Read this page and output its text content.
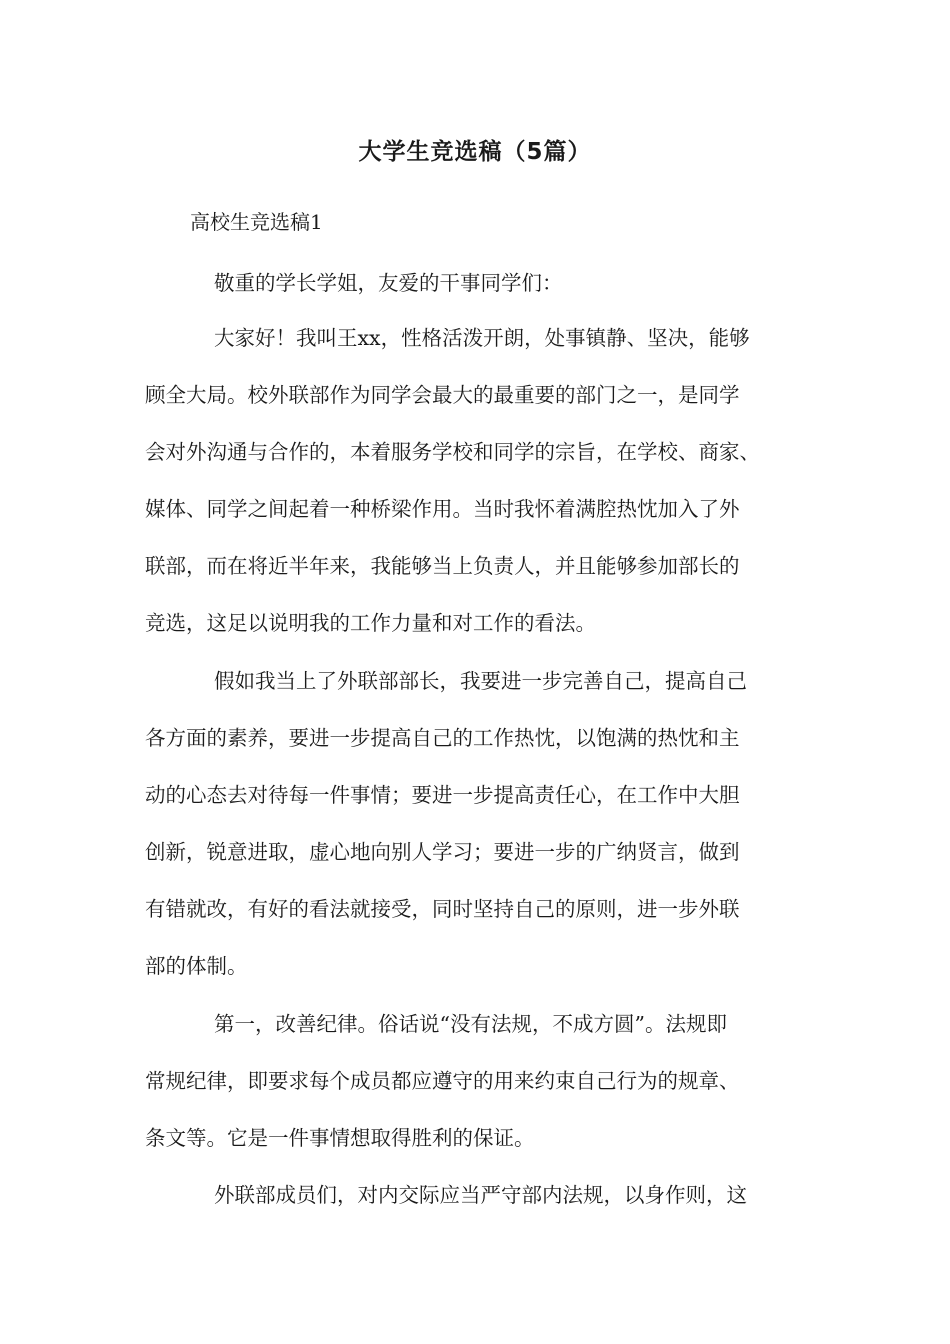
大学生竞选稿（5篇）

高校生竞选稿1

敬重的学长学姐，友爱的干事同学们：

大家好！我叫王xx，性格活泼开朗，处事镇静、坚决，能够

顾全大局。校外联部作为同学会最大的最重要的部门之一，是同学

会对外沟通与合作的，本着服务学校和同学的宗旨，在学校、商家、

媒体、同学之间起着一种桥梁作用。当时我怀着满腔热忱加入了外

联部，而在将近半年来，我能够当上负责人，并且能够参加部长的

竞选，这足以说明我的工作力量和对工作的看法。

假如我当上了外联部部长，我要进一步完善自己，提高自己

各方面的素养，要进一步提高自己的工作热忱，以饱满的热忱和主

动的心态去对待每一件事情；要进一步提高责任心，在工作中大胆

创新，锐意进取，虚心地向别人学习；要进一步的广纳贤言，做到

有错就改，有好的看法就接受，同时坚持自己的原则，进一步外联

部的体制。

第一，改善纪律。俗话说“没有法规，不成方圆”。法规即

常规纪律，即要求每个成员都应遵守的用来约束自己行为的规章、

条文等。它是一件事情想取得胜利的保证。

外联部成员们，对内交际应当严守部内法规，以身作则，这
